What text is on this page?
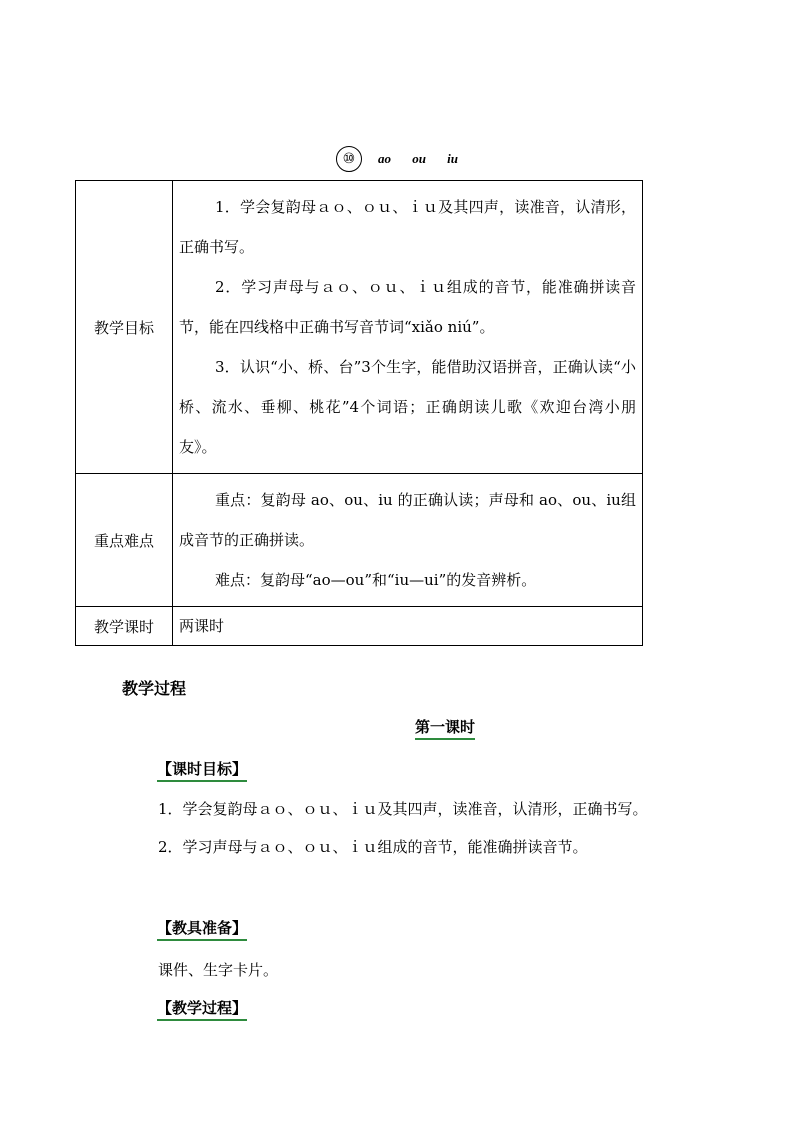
⑩ ao ou iu
教学目标	1．学会复韵母ａｏ、ｏｕ、ｉｕ及其四声，读准音，认清形，正确书写。

2．学习声母与ａｏ、ｏｕ、ｉｕ组成的音节，能准确拼读音节，能在四线格中正确书写音节词“xiǎo niú”。

3．认识“小、桥、台”3个生字，能借助汉语拼音，正确认读“小桥、流水、垂柳、桃花”4个词语；正确朗读儿歌《欢迎台湾小朋友》。

重点难点	重点：复韵母 ao、ou、iu 的正确认读；声母和 ao、ou、iu组成音节的正确拼读。

难点：复韵母“ao—ou”和“iu—ui”的发音辨析。

教学课时	两课时
教学过程
第一课时
【课时目标】

1．学会复韵母ａｏ、ｏｕ、ｉｕ及其四声，读准音，认清形，正确书写。

2．学习声母与ａｏ、ｏｕ、ｉｕ组成的音节，能准确拼读音节。

【教具准备】

课件、生字卡片。

【教学过程】
